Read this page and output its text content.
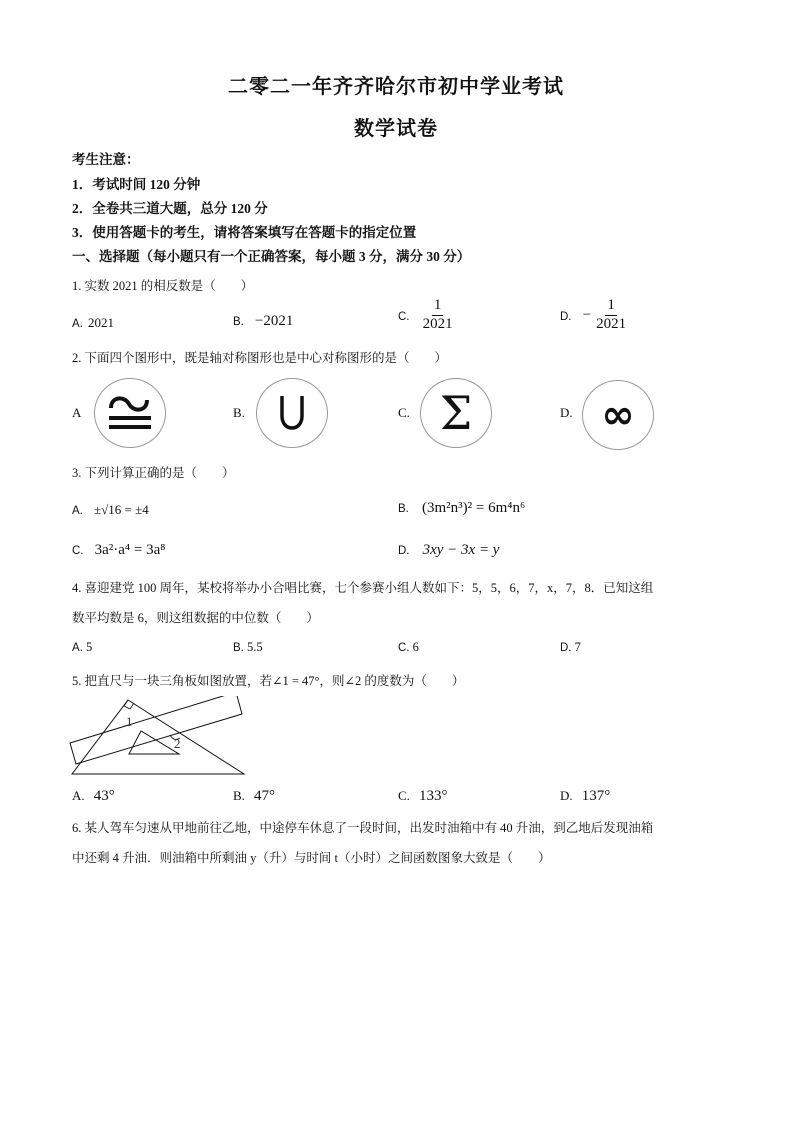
二零二一年齐齐哈尔市初中学业考试
数学试卷
考生注意：
1．考试时间 120 分钟
2．全卷共三道大题，总分 120 分
3．使用答题卡的考生，请将答案填写在答题卡的指定位置
一、选择题（每小题只有一个正确答案，每小题 3 分，满分 30 分）
1. 实数 2021 的相反数是（　　）
A. 2021	B. −2021	C. $\frac{1}{2021}$	D. − $\frac{1}{2021}$
2. 下面四个图形中，既是轴对称图形也是中心对称图形的是（　　）
A	B.	C. Σ	D. ∞
3. 下列计算正确的是（　　）
A. ±√16 = ±4	B. (3m²n³)² = 6m⁴n⁶
C. 3a²·a⁴ = 3a⁸	D. 3xy − 3x = y
4. 喜迎建党 100 周年，某校将举办小合唱比赛，七个参赛小组人数如下：5，5，6，7，x，7，8．已知这组
数平均数是 6，则这组数据的中位数（　　）
A. 5	B. 5.5	C. 6	D. 7
5. 把直尺与一块三角板如图放置，若∠1 = 47°，则∠2 的度数为（　　）
1
2
A. 43°	B. 47°	C. 133°	D. 137°
6. 某人驾车匀速从甲地前往乙地，中途停车休息了一段时间，出发时油箱中有 40 升油，到乙地后发现油箱
中还剩 4 升油．则油箱中所剩油 y（升）与时间 t（小时）之间函数图象大致是（　　）
